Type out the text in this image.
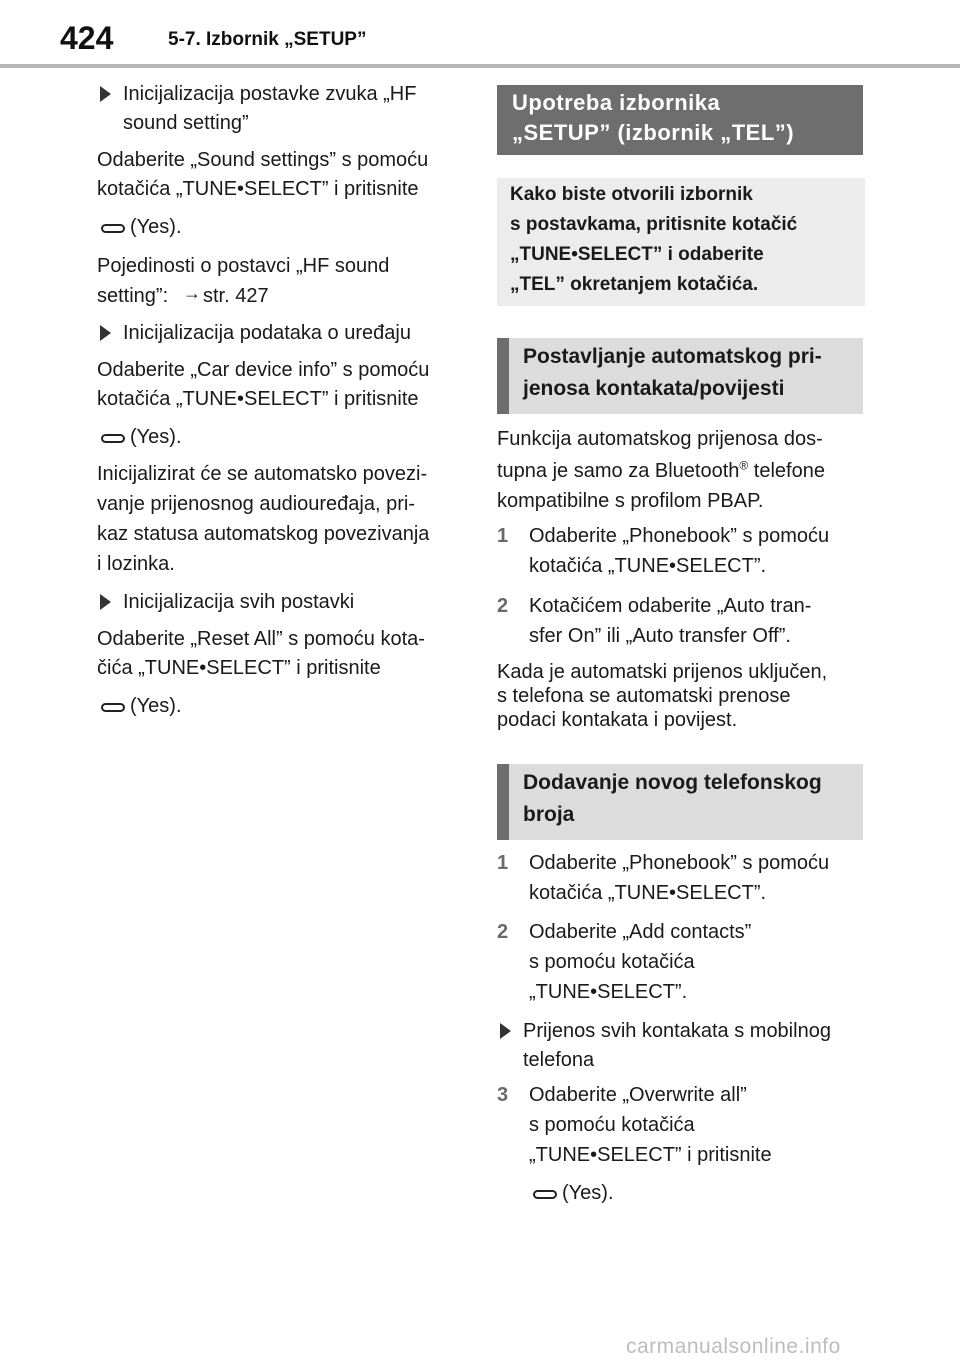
424	5-7. Izbornik „SETUP”
Inicijalizacija postavke zvuka „HF
sound setting”
Odaberite „Sound settings” s pomoću
kotačića „TUNE•SELECT” i pritisnite
(Yes).
Pojedinosti o postavci „HF sound
setting”: → str. 427
Inicijalizacija podataka o uređaju
Odaberite „Car device info” s pomoću
kotačića „TUNE•SELECT” i pritisnite
(Yes).
Inicijalizirat će se automatsko povezi-
vanje prijenosnog audiouređaja, pri-
kaz statusa automatskog povezivanja
i lozinka.
Inicijalizacija svih postavki
Odaberite „Reset All” s pomoću kota-
čića „TUNE•SELECT” i pritisnite
(Yes).
Upotreba izbornika
„SETUP” (izbornik „TEL”)
Kako biste otvorili izbornik
s postavkama, pritisnite kotačić
„TUNE•SELECT” i odaberite
„TEL” okretanjem kotačića.
Postavljanje automatskog pri-
jenosa kontakata/povijesti
Funkcija automatskog prijenosa dos-
tupna je samo za Bluetooth® telefone
kompatibilne s profilom PBAP.
1 Odaberite „Phonebook” s pomoću
kotačića „TUNE•SELECT”.
2 Kotačićem odaberite „Auto tran-
sfer On” ili „Auto transfer Off”.
Kada je automatski prijenos uključen,
s telefona se automatski prenose
podaci kontakata i povijest.
Dodavanje novog telefonskog
broja
1 Odaberite „Phonebook” s pomoću
kotačića „TUNE•SELECT”.
2 Odaberite „Add contacts”
s pomoću kotačića
„TUNE•SELECT”.
Prijenos svih kontakata s mobilnog
telefona
3 Odaberite „Overwrite all”
s pomoću kotačića
„TUNE•SELECT” i pritisnite
(Yes).
carmanualsonline.info
